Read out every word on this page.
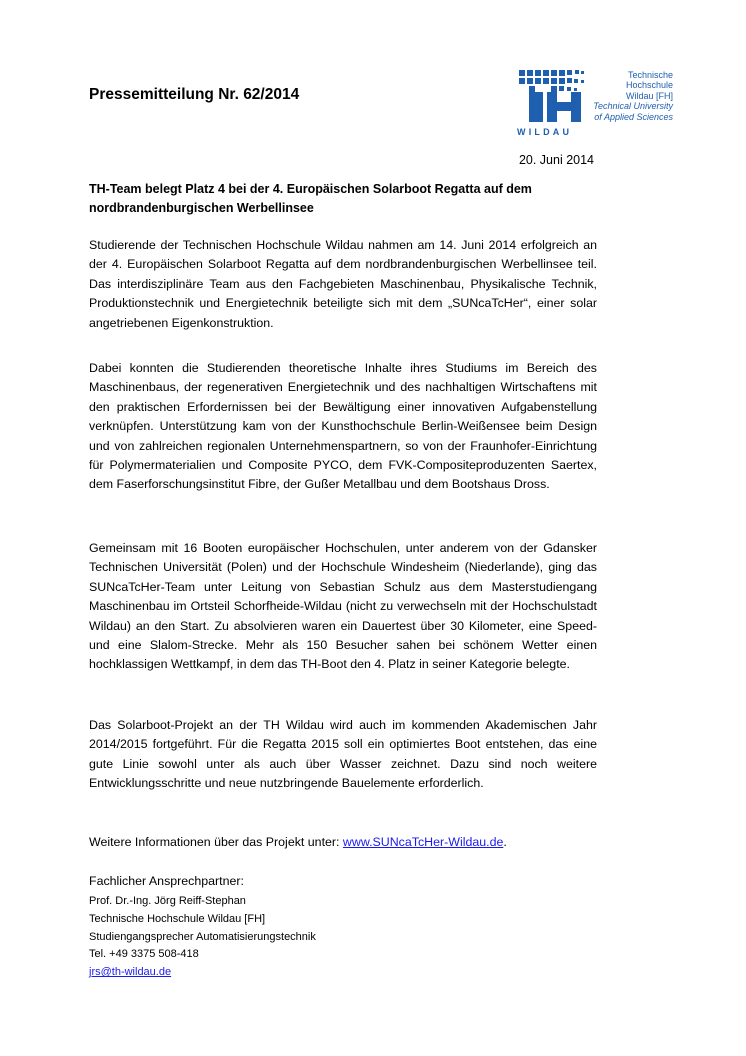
Pressemitteilung Nr. 62/2014
WILDAU
Technische
Hochschule
Wildau [FH]
Technical University
of Applied Sciences
20. Juni 2014
TH-Team belegt Platz 4 bei der 4. Europäischen Solarboot Regatta auf dem nordbrandenburgischen Werbellinsee
Studierende der Technischen Hochschule Wildau nahmen am 14. Juni 2014 erfolgreich an der 4. Europäischen Solarboot Regatta auf dem nordbrandenburgischen Werbellinsee teil. Das interdisziplinäre Team aus den Fachgebieten Maschinenbau, Physikalische Technik, Produktionstechnik und Energietechnik beteiligte sich mit dem „SUNcaTcHer“, einer solar angetriebenen Eigenkonstruktion.
Dabei konnten die Studierenden theoretische Inhalte ihres Studiums im Bereich des Maschinenbaus, der regenerativen Energietechnik und des nachhaltigen Wirtschaftens mit den praktischen Erfordernissen bei der Bewältigung einer innovativen Aufgabenstellung verknüpfen. Unterstützung kam von der Kunsthochschule Berlin-Weißensee beim Design und von zahlreichen regionalen Unternehmenspartnern, so von der Fraunhofer-Einrichtung für Polymermaterialien und Composite PYCO, dem FVK-Compositeproduzenten Saertex, dem Faserforschungsinstitut Fibre, der Gußer Metallbau und dem Bootshaus Dross.
Gemeinsam mit 16 Booten europäischer Hochschulen, unter anderem von der Gdansker Technischen Universität (Polen) und der Hochschule Windesheim (Niederlande), ging das SUNcaTcHer-Team unter Leitung von Sebastian Schulz aus dem Masterstudiengang Maschinenbau im Ortsteil Schorfheide-Wildau (nicht zu verwechseln mit der Hochschulstadt Wildau) an den Start. Zu absolvieren waren ein Dauertest über 30 Kilometer, eine Speed- und eine Slalom-Strecke. Mehr als 150 Besucher sahen bei schönem Wetter einen hochklassigen Wettkampf, in dem das TH-Boot den 4. Platz in seiner Kategorie belegte.
Das Solarboot-Projekt an der TH Wildau wird auch im kommenden Akademischen Jahr 2014/2015 fortgeführt. Für die Regatta 2015 soll ein optimiertes Boot entstehen, das eine gute Linie sowohl unter als auch über Wasser zeichnet. Dazu sind noch weitere Entwicklungsschritte und neue nutzbringende Bauelemente erforderlich.
Weitere Informationen über das Projekt unter: www.SUNcaTcHer-Wildau.de.
Fachlicher Ansprechpartner:
Prof. Dr.-Ing. Jörg Reiff-Stephan
Technische Hochschule Wildau [FH]
Studiengangsprecher Automatisierungstechnik
Tel. +49 3375 508-418
jrs@th-wildau.de
